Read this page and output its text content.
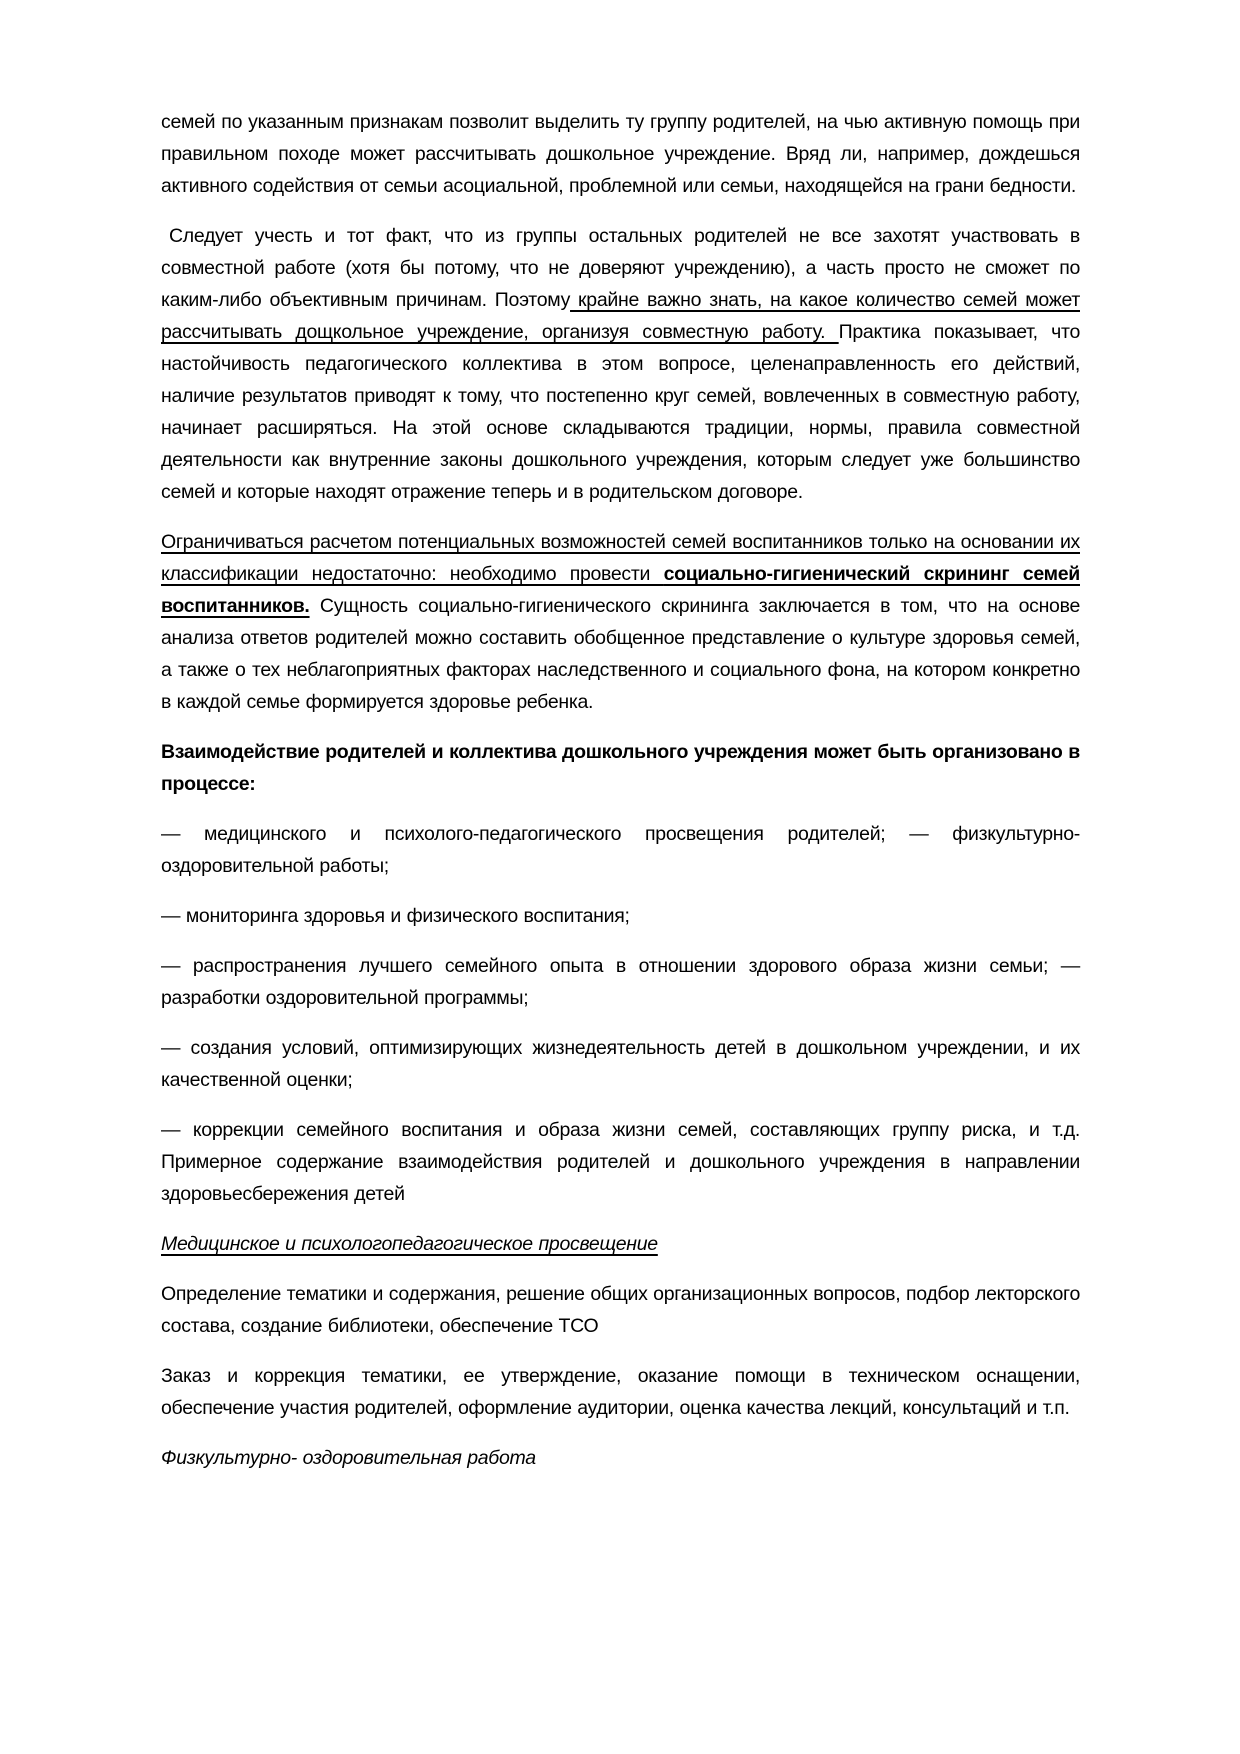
семей по указанным признакам позволит выделить ту группу родителей, на чью активную помощь при правильном походе может рассчитывать дошкольное учреждение. Вряд ли, например, дождешься активного содействия от семьи асоциальной, проблемной или семьи, находящейся на грани бедности.

Следует учесть и тот факт, что из группы остальных родителей не все захотят участвовать в совместной работе (хотя бы потому, что не доверяют учреждению), а часть просто не сможет по каким-либо объективным причинам. Поэтому крайне важно знать, на какое количество семей может рассчитывать дощкольное учреждение, организуя совместную работу. Практика показывает, что настойчивость педагогического коллектива в этом вопросе, целенаправленность его действий, наличие результатов приводят к тому, что постепенно круг семей, вовлеченных в совместную работу, начинает расширяться. На этой основе складываются традиции, нормы, правила совместной деятельности как внутренние законы дошкольного учреждения, которым следует уже большинство семей и которые находят отражение теперь и в родительском договоре.

Ограничиваться расчетом потенциальных возможностей семей воспитанников только на основании их классификации недостаточно: необходимо провести социально-гигиенический скрининг семей воспитанников. Сущность социально-гигиенического скрининга заключается в том, что на основе анализа ответов родителей можно составить обобщенное представление о культуре здоровья семей, а также о тех неблагоприятных факторах наследственного и социального фона, на котором конкретно в каждой семье формируется здоровье ребенка.

Взаимодействие родителей и коллектива дошкольного учреждения может быть организовано в процессе:

— медицинского и психолого-педагогического просвещения родителей; — физкультурно-оздоровительной работы;

— мониторинга здоровья и физического воспитания;

— распространения лучшего семейного опыта в отношении здорового образа жизни семьи; — разработки оздоровительной программы;

— создания условий, оптимизирующих жизнедеятельность детей в дошкольном учреждении, и их качественной оценки;

— коррекции семейного воспитания и образа жизни семей, составляющих группу риска, и т.д. Примерное содержание взаимодействия родителей и дошкольного учреждения в направлении здоровьесбережения детей

Медицинское и психологопедагогическое просвещение

Определение тематики и содержания, решение общих организационных вопросов, подбор лекторского состава, создание библиотеки, обеспечение ТСО

Заказ и коррекция тематики, ее утверждение, оказание помощи в техническом оснащении, обеспечение участия родителей, оформление аудитории, оценка качества лекций, консультаций и т.п.

Физкультурно- оздоровительная работа
